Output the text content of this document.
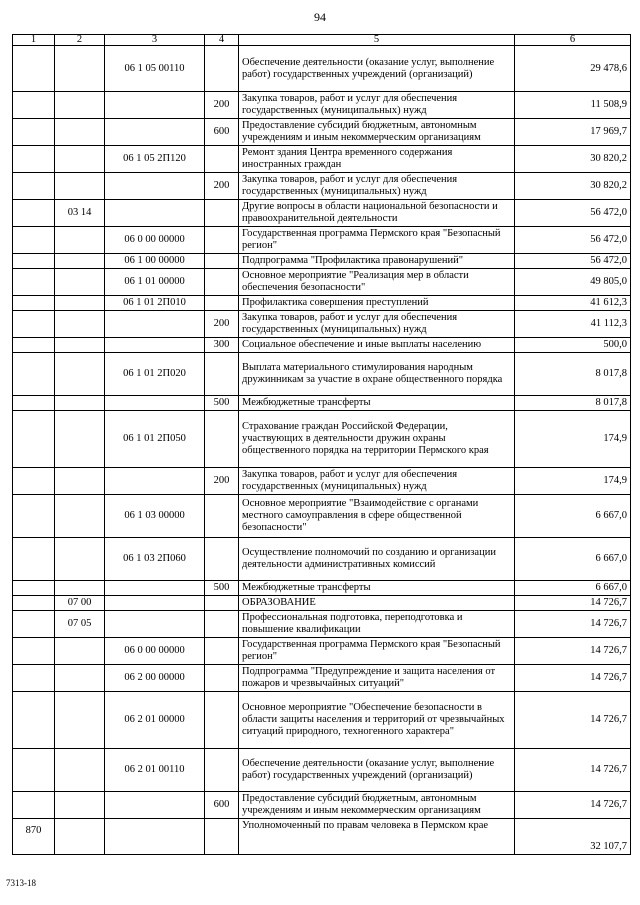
94
1	2	3	4	5	6
		06 1 05 00110		Обеспечение деятельности (оказание услуг, выполнение работ) государственных учреждений (организаций)	29 478,6
			200	Закупка товаров, работ и услуг для обеспечения государственных (муниципальных) нужд	11 508,9
			600	Предоставление субсидий бюджетным, автономным учреждениям и иным некоммерческим организациям	17 969,7
		06 1 05 2П120		Ремонт здания Центра временного содержания иностранных граждан	30 820,2
			200	Закупка товаров, работ и услуг для обеспечения государственных (муниципальных) нужд	30 820,2
	03 14			Другие вопросы в области национальной безопасности и правоохранительной деятельности	56 472,0
		06 0 00 00000		Государственная программа Пермского края "Безопасный регион"	56 472,0
		06 1 00 00000		Подпрограмма "Профилактика правонарушений"	56 472,0
		06 1 01 00000		Основное мероприятие "Реализация мер в области обеспечения безопасности"	49 805,0
		06 1 01 2П010		Профилактика совершения преступлений	41 612,3
			200	Закупка товаров, работ и услуг для обеспечения государственных (муниципальных) нужд	41 112,3
			300	Социальное обеспечение и иные выплаты населению	500,0
		06 1 01 2П020		Выплата материального стимулирования народным дружинникам за участие в охране общественного порядка	8 017,8
			500	Межбюджетные трансферты	8 017,8
		06 1 01 2П050		Страхование граждан Российской Федерации, участвующих в деятельности дружин охраны общественного порядка на территории Пермского края	174,9
			200	Закупка товаров, работ и услуг для обеспечения государственных (муниципальных) нужд	174,9
		06 1 03 00000		Основное мероприятие "Взаимодействие с органами местного самоуправления в сфере общественной безопасности"	6 667,0
		06 1 03 2П060		Осуществление полномочий по созданию и организации деятельности административных комиссий	6 667,0
			500	Межбюджетные трансферты	6 667,0
	07 00			ОБРАЗОВАНИЕ	14 726,7
	07 05			Профессиональная подготовка, переподготовка и повышение квалификации	14 726,7
		06 0 00 00000		Государственная программа Пермского края "Безопасный регион"	14 726,7
		06 2 00 00000		Подпрограмма "Предупреждение и защита населения от пожаров и чрезвычайных ситуаций"	14 726,7
		06 2 01 00000		Основное мероприятие "Обеспечение безопасности в области защиты населения и территорий от чрезвычайных ситуаций природного, техногенного характера"	14 726,7
		06 2 01 00110		Обеспечение деятельности (оказание услуг, выполнение работ) государственных учреждений (организаций)	14 726,7
			600	Предоставление субсидий бюджетным, автономным учреждениям и иным некоммерческим организациям	14 726,7
870				Уполномоченный по правам человека в Пермском крае	32 107,7
7313-18
